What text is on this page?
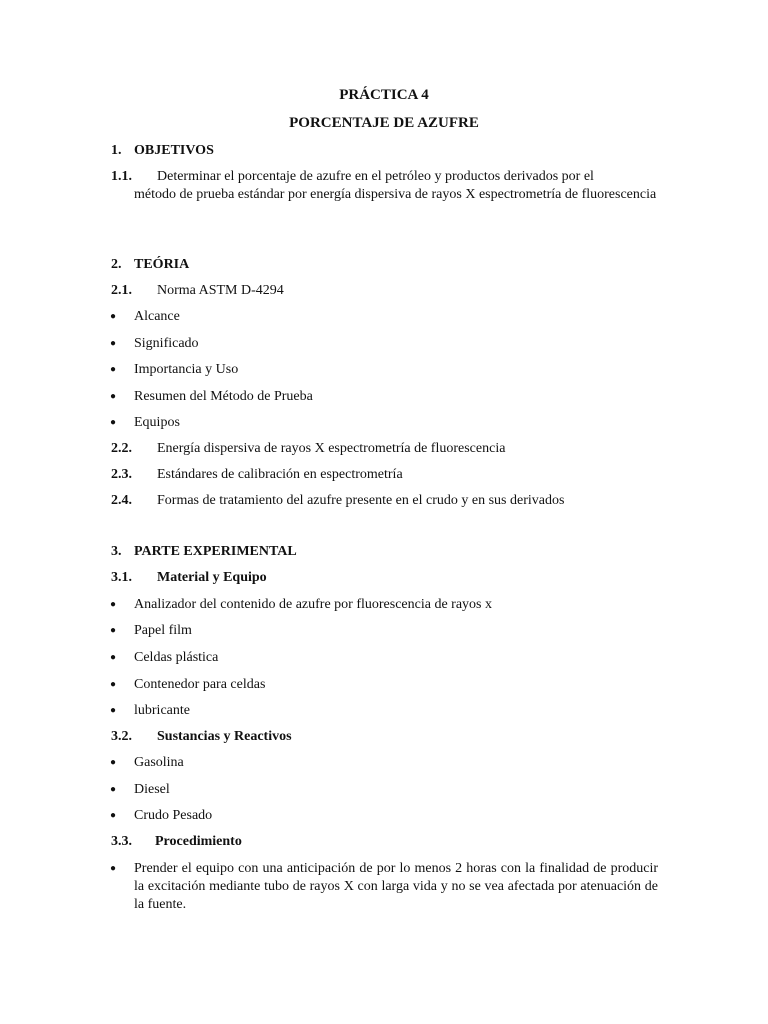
PRÁCTICA 4
PORCENTAJE DE AZUFRE
1. OBJETIVOS
1.1. Determinar el porcentaje de azufre en el petróleo y productos derivados por el
método de prueba estándar por energía dispersiva de rayos X espectrometría de fluorescencia
2. TEÓRIA
2.1. Norma ASTM D-4294
● Alcance
● Significado
● Importancia y Uso
● Resumen del Método de Prueba
● Equipos
2.2. Energía dispersiva de rayos X espectrometría de fluorescencia
2.3. Estándares de calibración en espectrometría
2.4. Formas de tratamiento del azufre presente en el crudo y en sus derivados
3. PARTE EXPERIMENTAL
3.1. Material y Equipo
● Analizador del contenido de azufre por fluorescencia de rayos x
● Papel film
● Celdas plástica
● Contenedor para celdas
● lubricante
3.2. Sustancias y Reactivos
● Gasolina
● Diesel
● Crudo Pesado
3.3. Procedimiento
● Prender el equipo con una anticipación de por lo menos 2 horas con la finalidad de producir la excitación mediante tubo de rayos X con larga vida y no se vea afectada por atenuación de la fuente.
